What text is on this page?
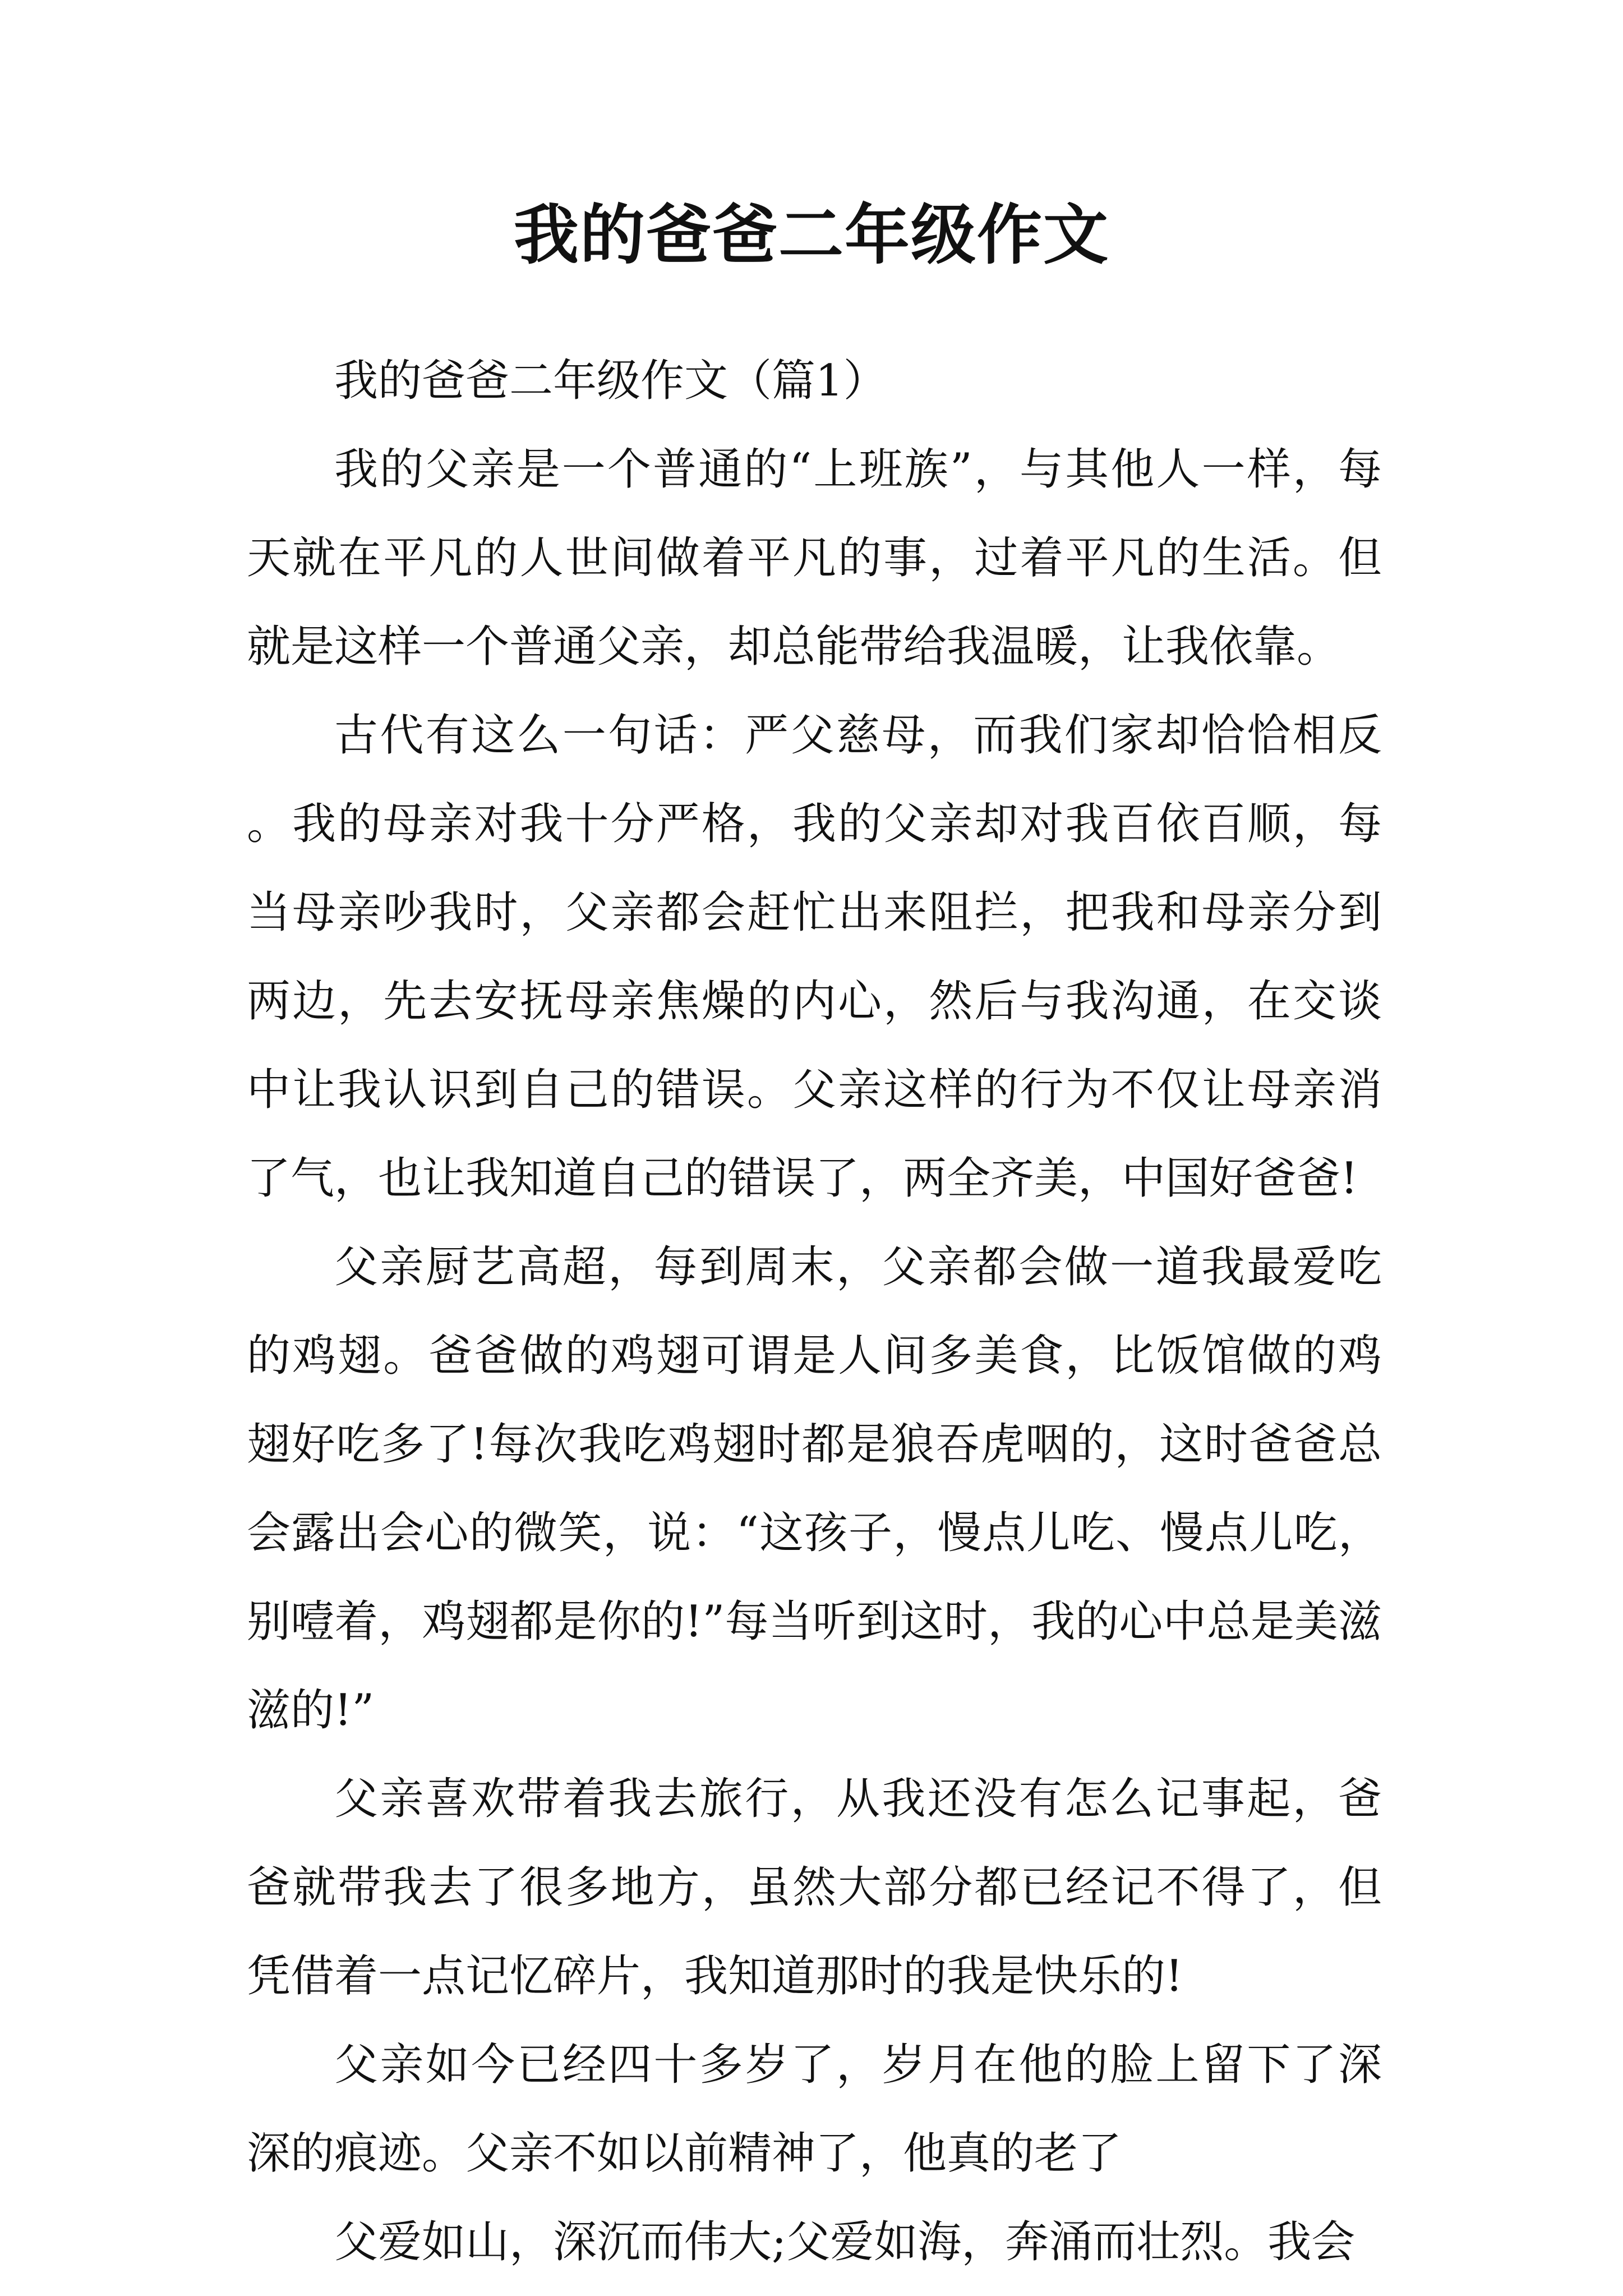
我的爸爸二年级作文

我的爸爸二年级作文（篇1）

我的父亲是一个普通的“上班族”，与其他人一样，每天就在平凡的人世间做着平凡的事，过着平凡的生活。但就是这样一个普通父亲，却总能带给我温暖，让我依靠。

古代有这么一句话：严父慈母，而我们家却恰恰相反。我的母亲对我十分严格，我的父亲却对我百依百顺，每当母亲吵我时，父亲都会赶忙出来阻拦，把我和母亲分到两边，先去安抚母亲焦燥的内心，然后与我沟通，在交谈中让我认识到自己的错误。父亲这样的行为不仅让母亲消了气，也让我知道自己的错误了，两全齐美，中国好爸爸!

父亲厨艺高超，每到周末，父亲都会做一道我最爱吃的鸡翅。爸爸做的鸡翅可谓是人间多美食，比饭馆做的鸡翅好吃多了!每次我吃鸡翅时都是狼吞虎咽的，这时爸爸总会露出会心的微笑，说：“这孩子，慢点儿吃、慢点儿吃，别噎着，鸡翅都是你的!”每当听到这时，我的心中总是美滋滋的!”

父亲喜欢带着我去旅行，从我还没有怎么记事起，爸爸就带我去了很多地方，虽然大部分都已经记不得了，但凭借着一点记忆碎片，我知道那时的我是快乐的!

父亲如今已经四十多岁了，岁月在他的脸上留下了深深的痕迹。父亲不如以前精神了，他真的老了

父爱如山，深沉而伟大;父爱如海，奔涌而壮烈。我会
